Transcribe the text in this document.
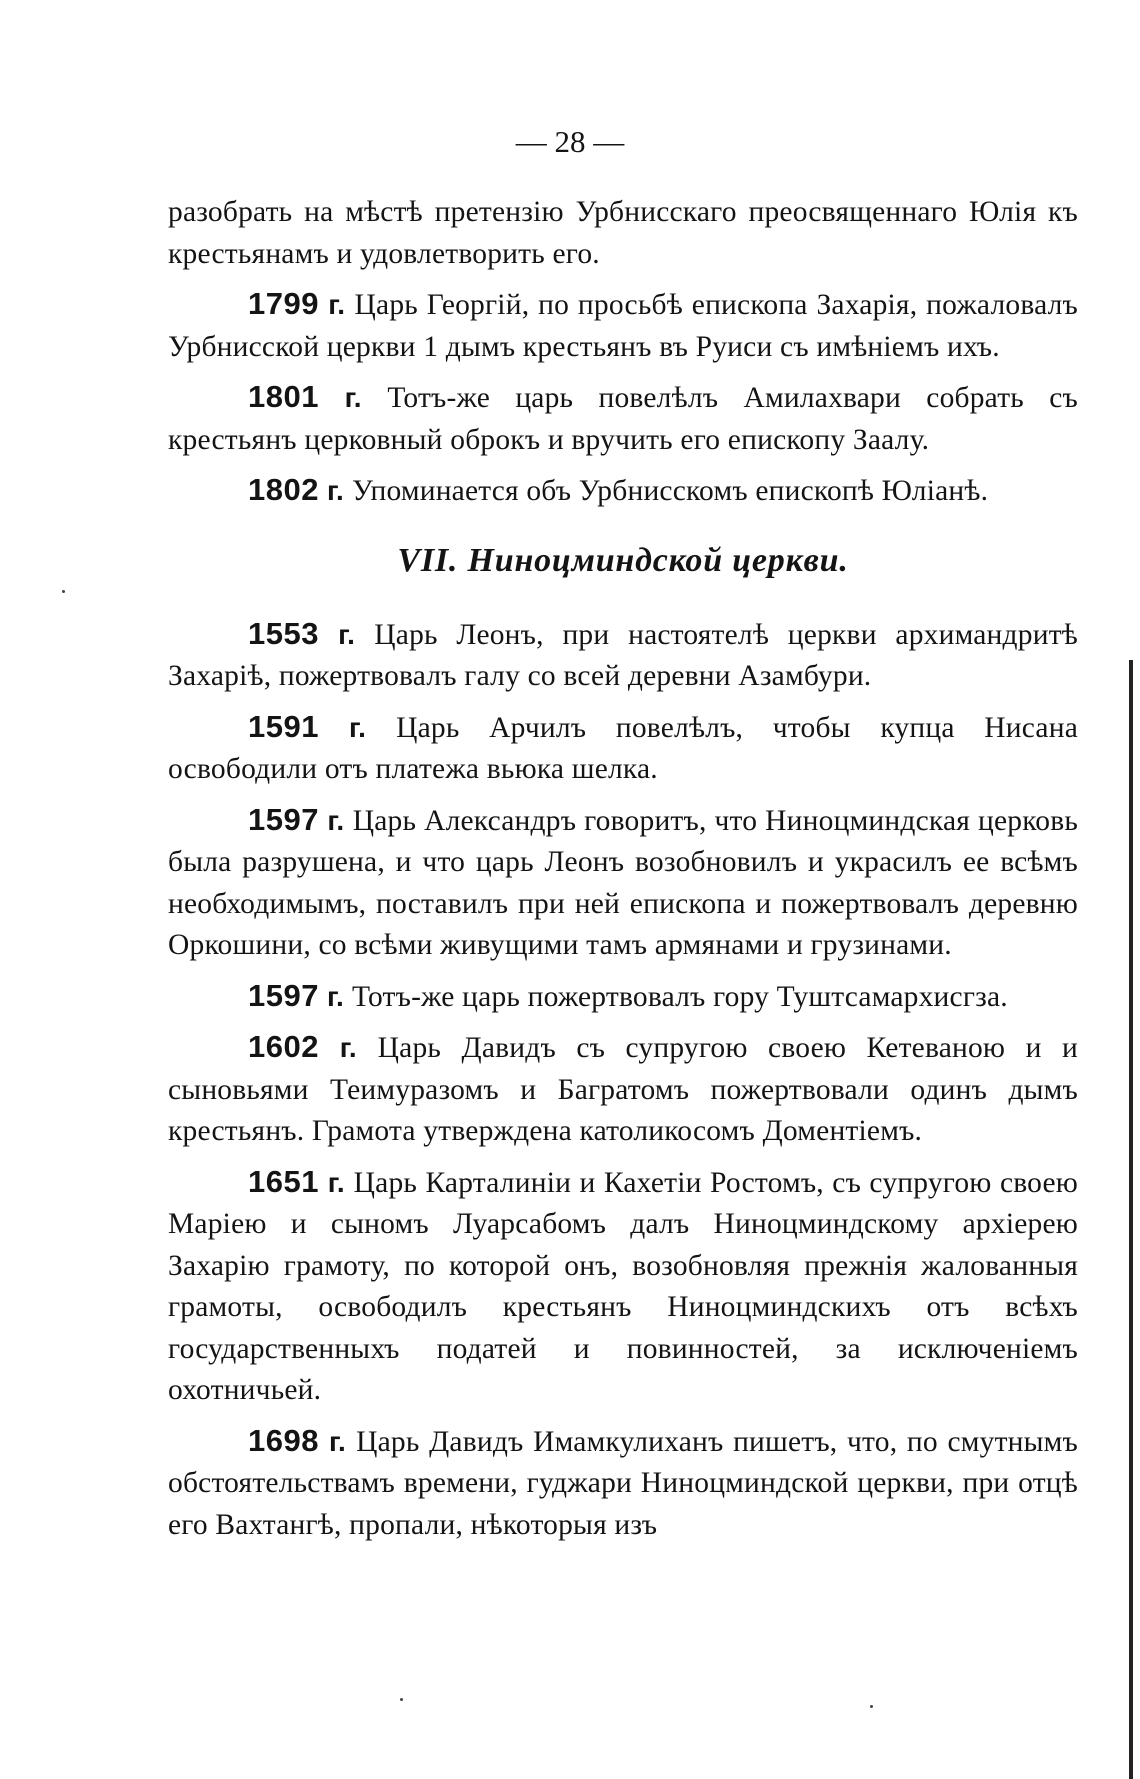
— 28 —

разобрать на мѣстѣ претензію Урбнисскаго преосвященнаго Юлія къ крестьянамъ и удовлетворить его.

1799 г. Царь Георгій, по просьбѣ епископа Захарія, пожаловалъ Урбнисской церкви 1 дымъ крестьянъ въ Руиси съ имѣніемъ ихъ.

1801 г. Тотъ-же царь повелѣлъ Амилахвари собрать съ крестьянъ церковный оброкъ и вручить его епископу Заалу.

1802 г. Упоминается объ Урбнисскомъ епископѣ Юліанѣ.

VII. Ниноцминдской церкви.

1553 г. Царь Леонъ, при настоятелѣ церкви архимандритѣ Захаріѣ, пожертвовалъ галу со всей деревни Азамбури.

1591 г. Царь Арчилъ повелѣлъ, чтобы купца Нисана освободили отъ платежа вьюка шелка.

1597 г. Царь Александръ говоритъ, что Ниноцминдская церковь была разрушена, и что царь Леонъ возобновилъ и украсилъ ее всѣмъ необходимымъ, поставилъ при ней епископа и пожертвовалъ деревню Оркошини, со всѣми живущими тамъ армянами и грузинами.

1597 г. Тотъ-же царь пожертвовалъ гору Туштсамархисгза.

1602 г. Царь Давидъ съ супругою своею Кетеваною и и сыновьями Теимуразомъ и Багратомъ пожертвовали одинъ дымъ крестьянъ. Грамота утверждена католикосомъ Доментіемъ.

1651 г. Царь Карталиніи и Кахетіи Ростомъ, съ супругою своею Маріею и сыномъ Луарсабомъ далъ Ниноцминдскому архіерею Захарію грамоту, по которой онъ, возобновляя прежнія жалованныя грамоты, освободилъ крестьянъ Ниноцминдскихъ отъ всѣхъ государственныхъ податей и повинностей, за исключеніемъ охотничьей.

1698 г. Царь Давидъ Имамкулиханъ пишетъ, что, по смутнымъ обстоятельствамъ времени, гуджари Ниноцминдской церкви, при отцѣ его Вахтангѣ, пропали, нѣкоторыя изъ
